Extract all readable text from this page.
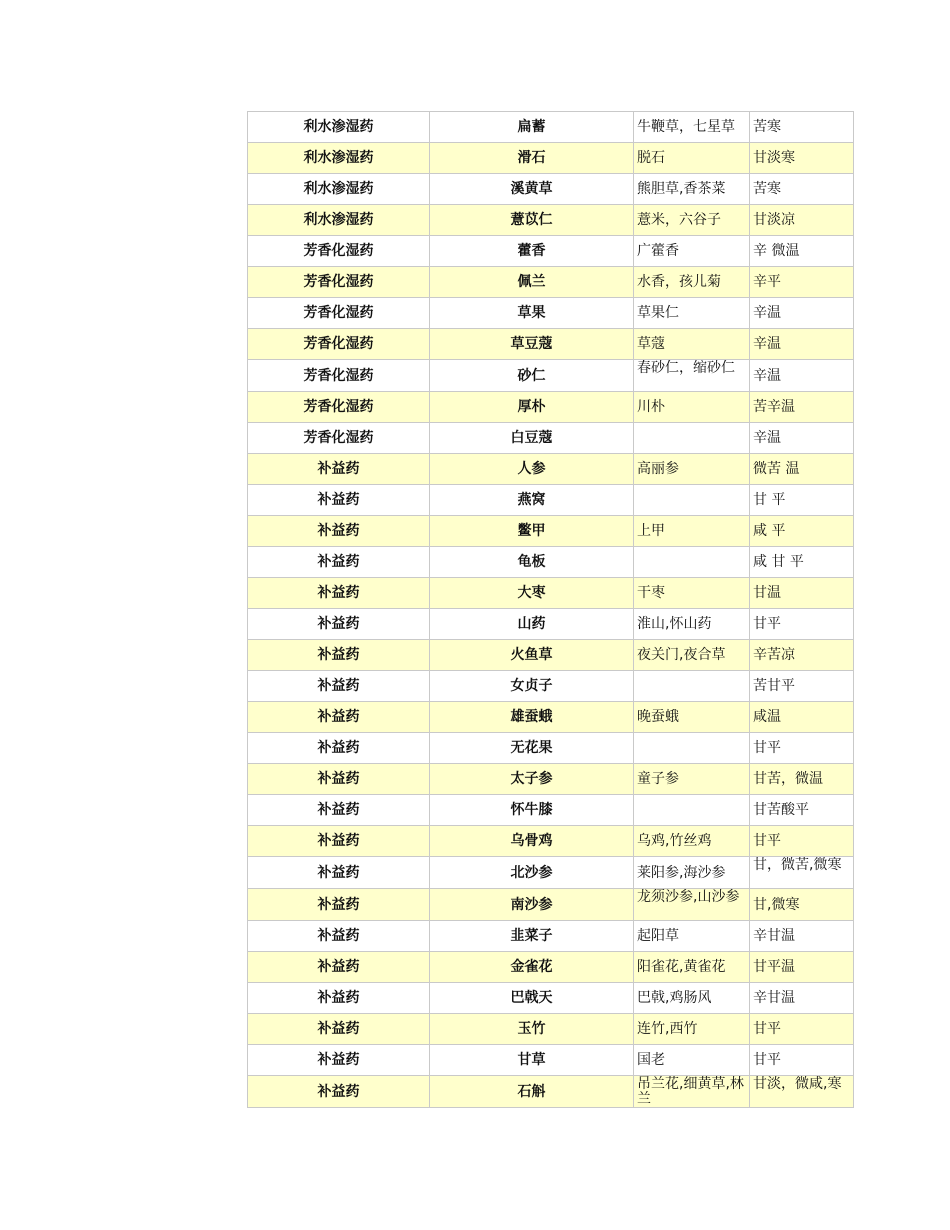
利水渗湿药	扁蓄	牛鞭草，七星草	苦寒
利水渗湿药	滑石	脱石	甘淡寒
利水渗湿药	溪黄草	熊胆草,香茶菜	苦寒
利水渗湿药	薏苡仁	薏米，六谷子	甘淡凉
芳香化湿药	藿香	广藿香	辛 微温
芳香化湿药	佩兰	水香，孩儿菊	辛平
芳香化湿药	草果	草果仁	辛温
芳香化湿药	草豆蔻	草蔻	辛温
芳香化湿药	砂仁	春砂仁，缩砂仁	辛温
芳香化湿药	厚朴	川朴	苦辛温
芳香化湿药	白豆蔻		辛温
补益药	人参	高丽参	微苦 温
补益药	燕窝		甘 平
补益药	鳖甲	上甲	咸 平
补益药	龟板		咸 甘 平
补益药	大枣	干枣	甘温
补益药	山药	淮山,怀山药	甘平
补益药	火鱼草	夜关门,夜合草	辛苦凉
补益药	女贞子		苦甘平
补益药	雄蚕蛾	晚蚕蛾	咸温
补益药	无花果		甘平
补益药	太子参	童子参	甘苦，微温
补益药	怀牛膝		甘苦酸平
补益药	乌骨鸡	乌鸡,竹丝鸡	甘平
补益药	北沙参	莱阳参,海沙参	甘，微苦,微寒
补益药	南沙参	龙须沙参,山沙参	甘,微寒
补益药	韭菜子	起阳草	辛甘温
补益药	金雀花	阳雀花,黄雀花	甘平温
补益药	巴戟天	巴戟,鸡肠风	辛甘温
补益药	玉竹	连竹,西竹	甘平
补益药	甘草	国老	甘平
补益药	石斛	吊兰花,细黄草,林兰	甘淡，微咸,寒
